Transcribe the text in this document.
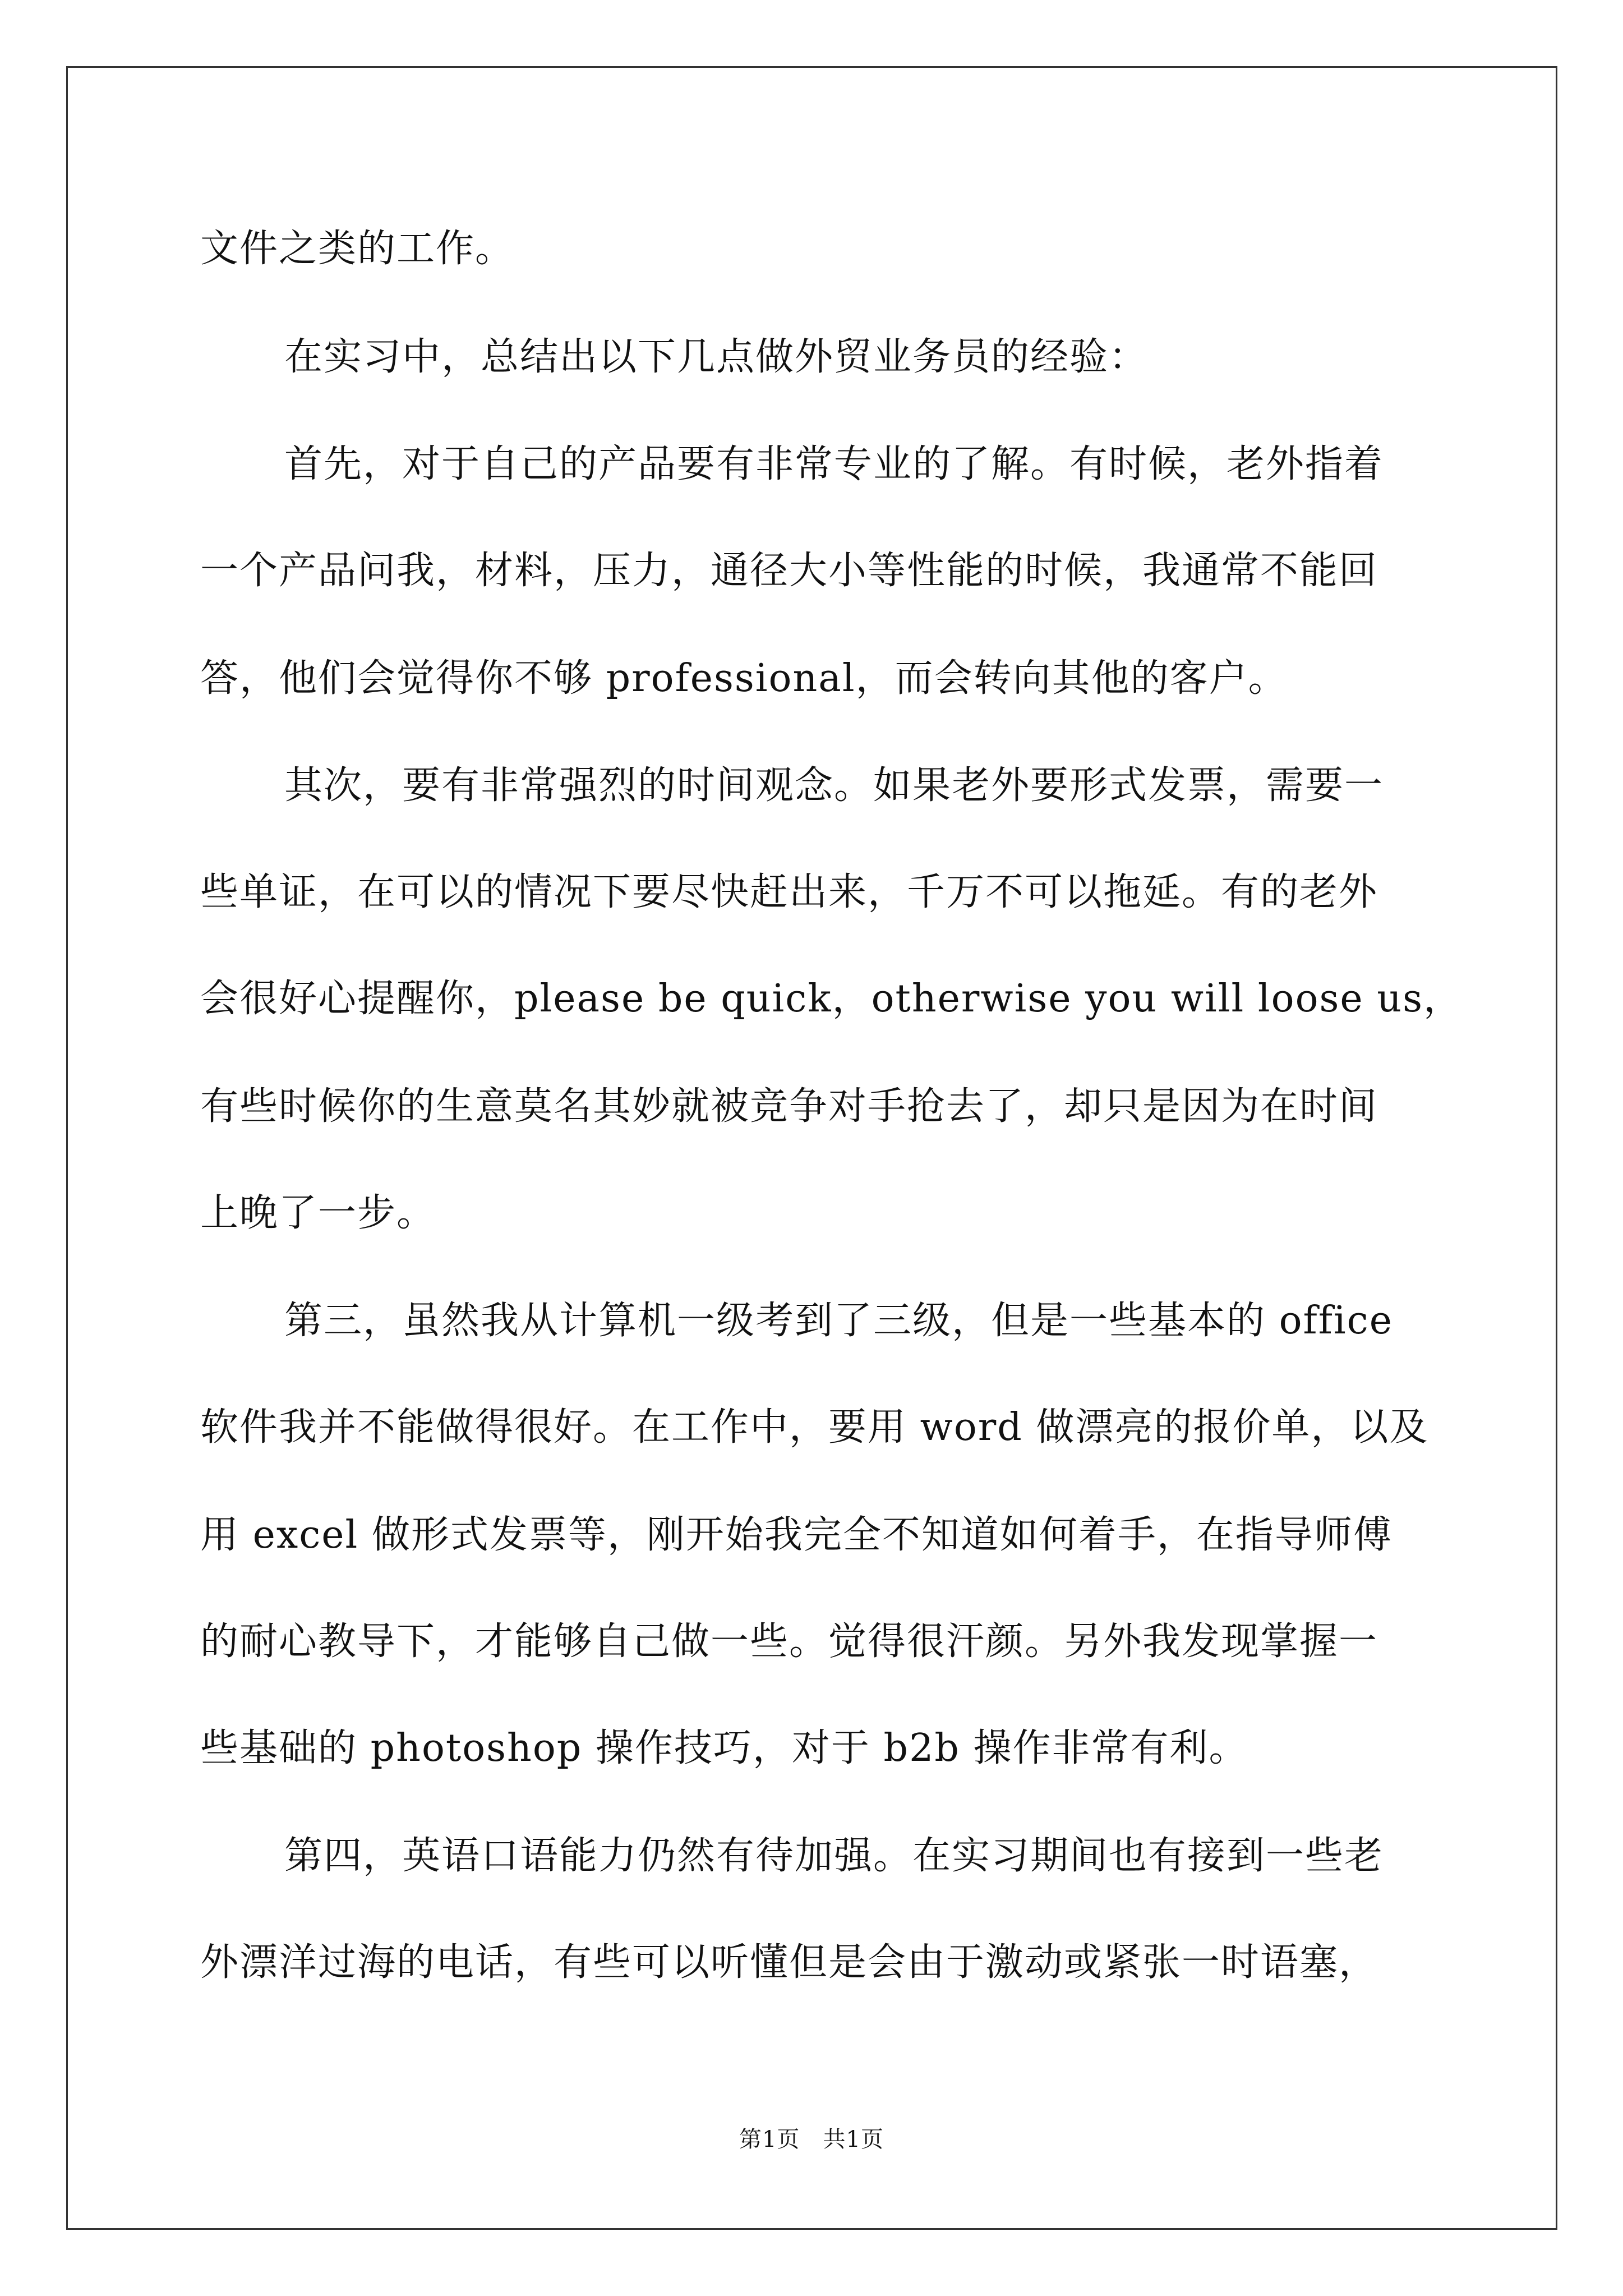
文件之类的工作。
在实习中，总结出以下几点做外贸业务员的经验：
首先，对于自己的产品要有非常专业的了解。有时候，老外指着
一个产品问我，材料，压力，通径大小等性能的时候，我通常不能回
答，他们会觉得你不够 professional，而会转向其他的客户。
其次，要有非常强烈的时间观念。如果老外要形式发票，需要一
些单证，在可以的情况下要尽快赶出来，千万不可以拖延。有的老外
会很好心提醒你，please be quick，otherwise you will loose us，
有些时候你的生意莫名其妙就被竞争对手抢去了，却只是因为在时间
上晚了一步。
第三，虽然我从计算机一级考到了三级，但是一些基本的 office
软件我并不能做得很好。在工作中，要用 word 做漂亮的报价单，以及
用 excel 做形式发票等，刚开始我完全不知道如何着手，在指导师傅
的耐心教导下，才能够自己做一些。觉得很汗颜。另外我发现掌握一
些基础的 photoshop 操作技巧，对于 b2b 操作非常有利。
第四，英语口语能力仍然有待加强。在实习期间也有接到一些老
外漂洋过海的电话，有些可以听懂但是会由于激动或紧张一时语塞，
第1页   共1页
